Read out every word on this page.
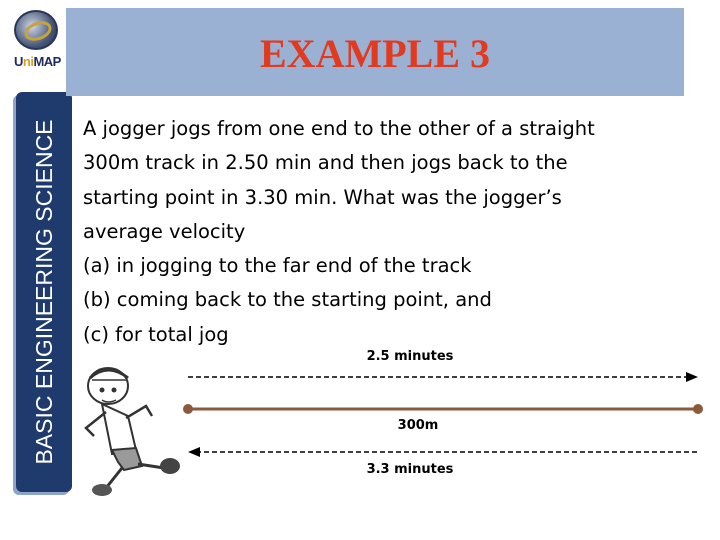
UniMAP
BASIC ENGINEERING SCIENCE
EXAMPLE 3
A jogger jogs from one end to the other of a straight
300m track in 2.50 min and then jogs back to the
starting point in 3.30 min. What was the jogger’s
average velocity
(a) in jogging to the far end of the track
(b) coming back to the starting point, and
(c) for total jog
2.5 minutes
300m
3.3 minutes
